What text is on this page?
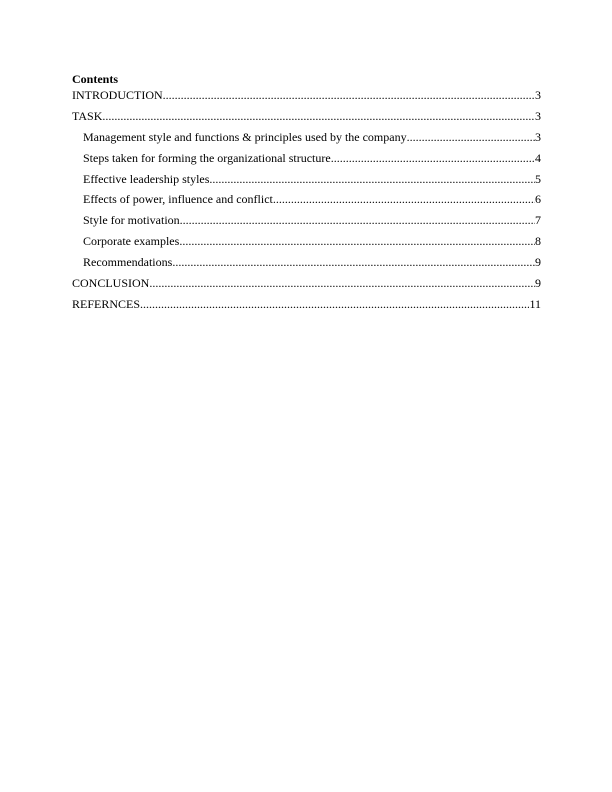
Contents

INTRODUCTION .....	3
TASK .....	3
Management style and functions & principles used by the company .....	3
Steps taken for forming the organizational structure .....	4
Effective leadership styles .....	5
Effects of power, influence and conflict .....	6
Style for motivation .....	7
Corporate examples .....	8
Recommendations .....	9
CONCLUSION .....	9
REFERNCES .....	11
